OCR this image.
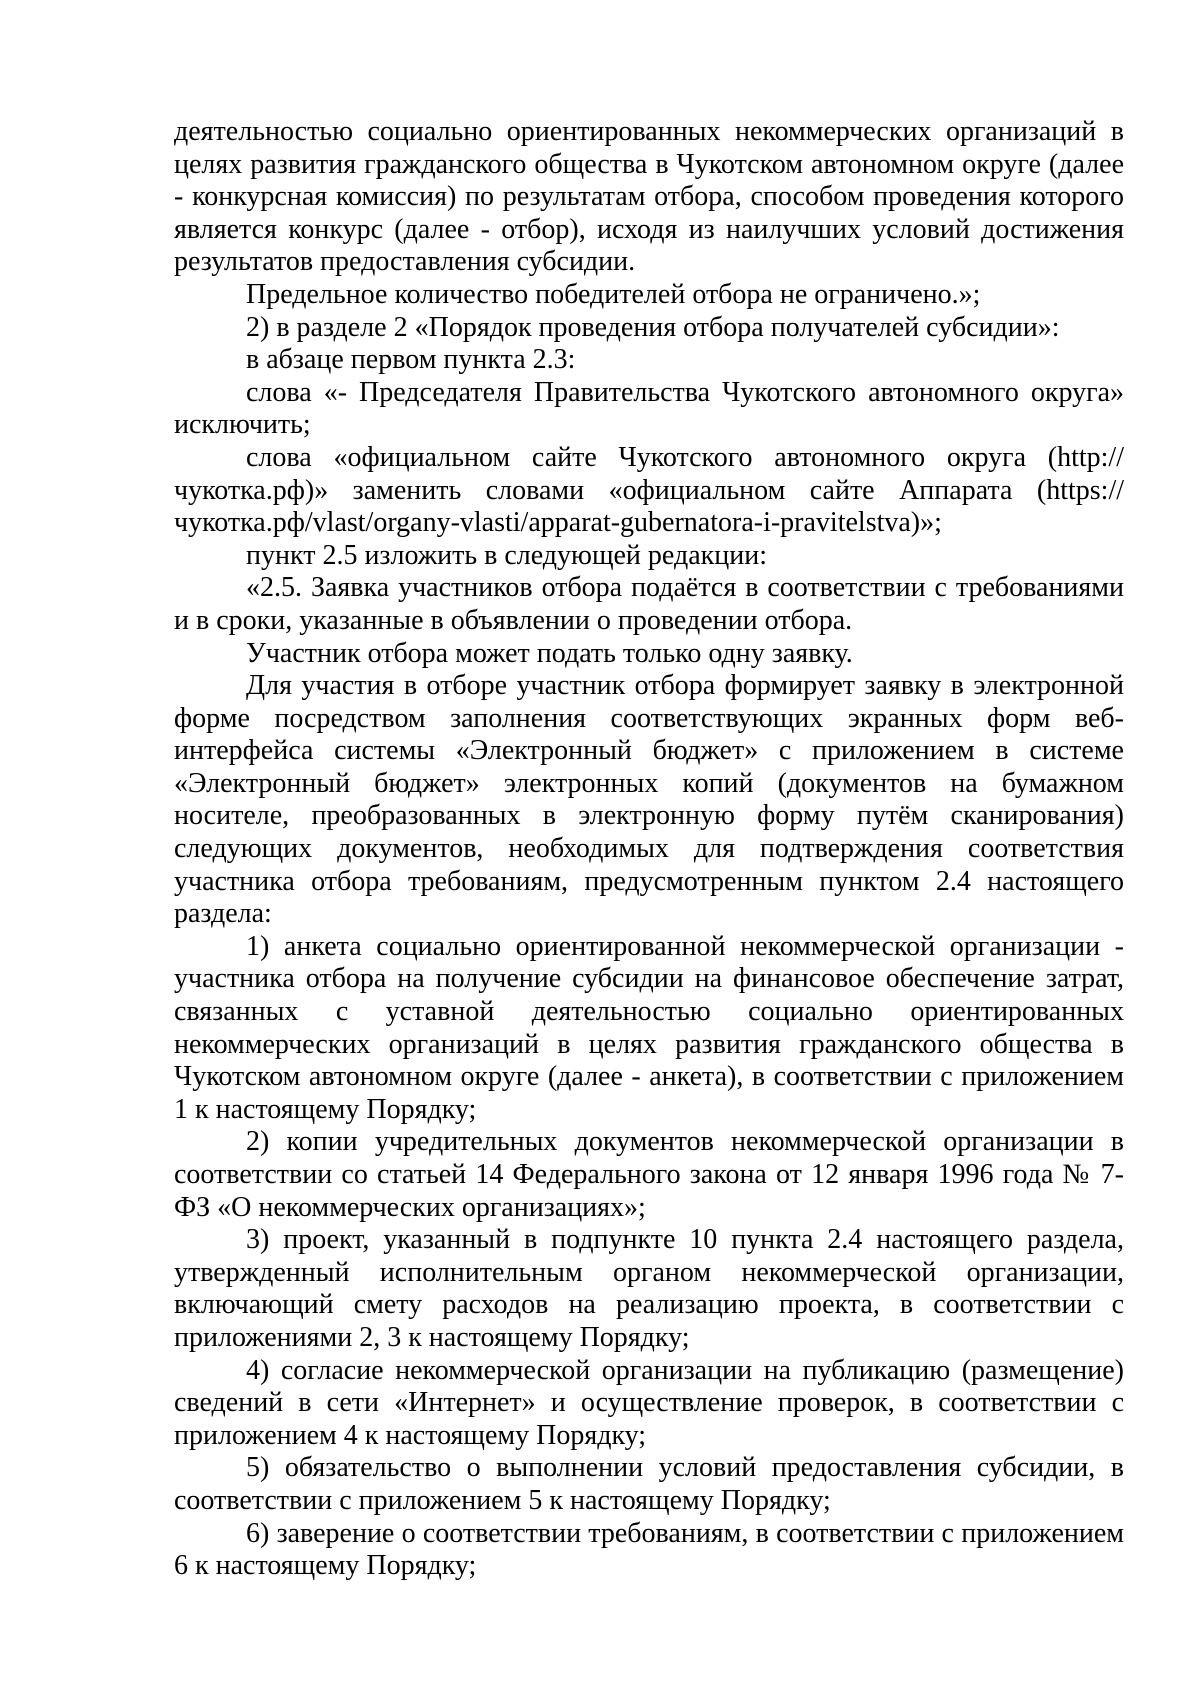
деятельностью социально ориентированных некоммерческих организаций в целях развития гражданского общества в Чукотском автономном округе (далее - конкурсная комиссия) по результатам отбора, способом проведения которого является конкурс (далее - отбор), исходя из наилучших условий достижения результатов предоставления субсидии.

Предельное количество победителей отбора не ограничено.»;

2) в разделе 2 «Порядок проведения отбора получателей субсидии»:

в абзаце первом пункта 2.3:

слова «- Председателя Правительства Чукотского автономного округа» исключить;

слова «официальном сайте Чукотского автономного округа (http://чукотка.рф)» заменить словами «официальном сайте Аппарата (https://чукотка.рф/vlast/organy-vlasti/apparat-gubernatora-i-pravitelstva)»;

пункт 2.5 изложить в следующей редакции:

«2.5. Заявка участников отбора подаётся в соответствии с требованиями и в сроки, указанные в объявлении о проведении отбора.

Участник отбора может подать только одну заявку.

Для участия в отборе участник отбора формирует заявку в электронной форме посредством заполнения соответствующих экранных форм веб-интерфейса системы «Электронный бюджет» с приложением в системе «Электронный бюджет» электронных копий (документов на бумажном носителе, преобразованных в электронную форму путём сканирования) следующих документов, необходимых для подтверждения соответствия участника отбора требованиям, предусмотренным пунктом 2.4 настоящего раздела:

1) анкета социально ориентированной некоммерческой организации - участника отбора на получение субсидии на финансовое обеспечение затрат, связанных с уставной деятельностью социально ориентированных некоммерческих организаций в целях развития гражданского общества в Чукотском автономном округе (далее - анкета), в соответствии с приложением 1 к настоящему Порядку;

2) копии учредительных документов некоммерческой организации в соответствии со статьей 14 Федерального закона от 12 января 1996 года № 7-ФЗ «О некоммерческих организациях»;

3) проект, указанный в подпункте 10 пункта 2.4 настоящего раздела, утвержденный исполнительным органом некоммерческой организации, включающий смету расходов на реализацию проекта, в соответствии с приложениями 2, 3 к настоящему Порядку;

4) согласие некоммерческой организации на публикацию (размещение) сведений в сети «Интернет» и осуществление проверок, в соответствии с приложением 4 к настоящему Порядку;

5) обязательство о выполнении условий предоставления субсидии, в соответствии с приложением 5 к настоящему Порядку;

6) заверение о соответствии требованиям, в соответствии с приложением 6 к настоящему Порядку;
